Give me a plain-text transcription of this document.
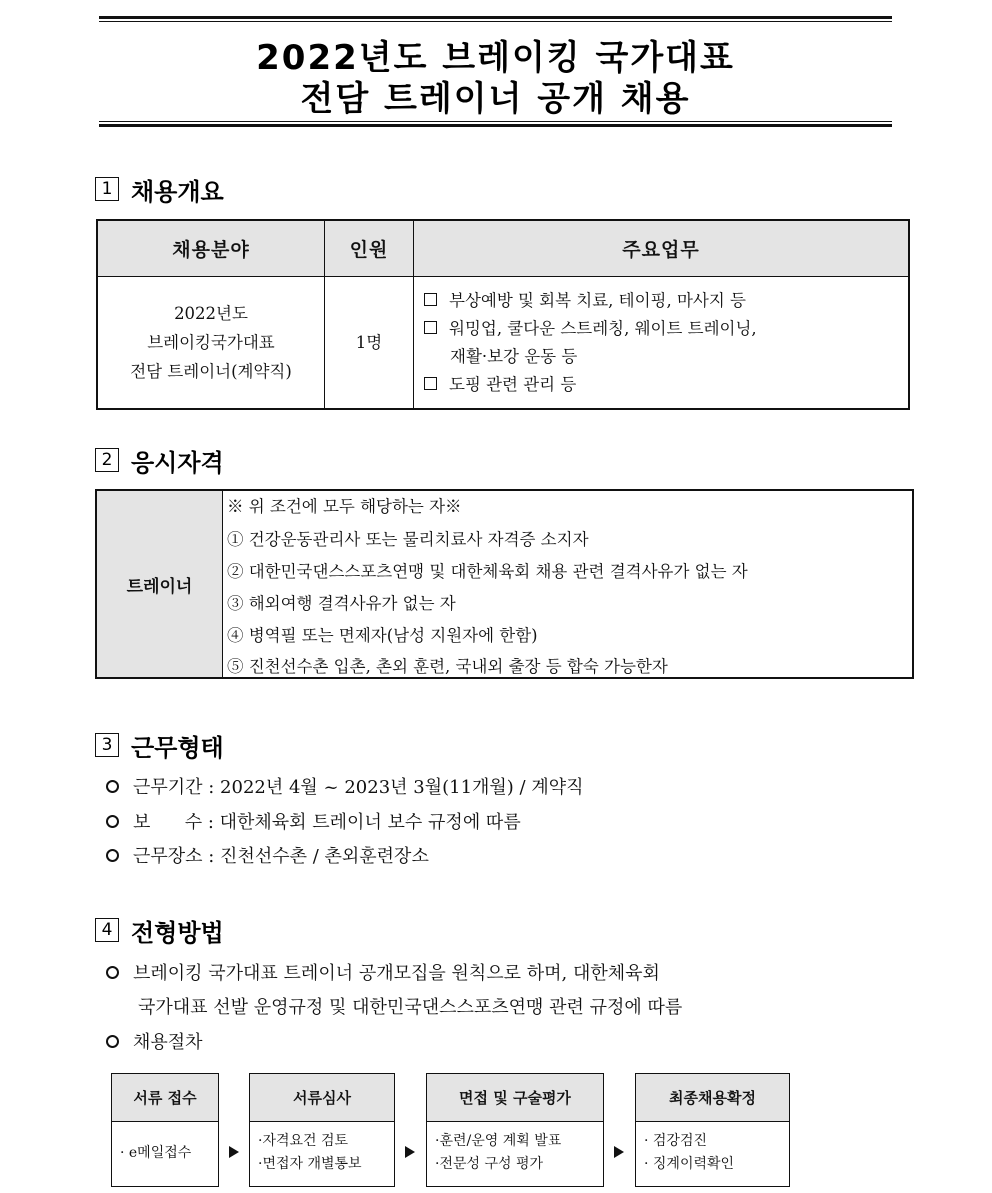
2022년도 브레이킹 국가대표
전담 트레이너 공개 채용
1 채용개요
채용분야	인원	주요업무
2022년도
브레이킹국가대표
전담 트레이너(계약직)
1명
부상예방 및 회복 치료, 테이핑, 마사지 등
워밍업, 쿨다운 스트레칭, 웨이트 트레이닝,
재활·보강 운동 등
도핑 관련 관리 등
2 응시자격
트레이너
※ 위 조건에 모두 해당하는 자※
① 건강운동관리사 또는 물리치료사 자격증 소지자
② 대한민국댄스스포츠연맹 및 대한체육회 채용 관련 결격사유가 없는 자
③ 해외여행 결격사유가 없는 자
④ 병역필 또는 면제자(남성 지원자에 한함)
⑤ 진천선수촌 입촌, 촌외 훈련, 국내외 출장 등 합숙 가능한자
3 근무형태
근무기간 : 2022년 4월 ~ 2023년 3월(11개월) / 계약직
보      수 : 대한체육회 트레이너 보수 규정에 따름
근무장소 : 진천선수촌 / 촌외훈련장소
4 전형방법
브레이킹 국가대표 트레이너 공개모집을 원칙으로 하며, 대한체육회
국가대표 선발 운영규정 및 대한민국댄스스포츠연맹 관련 규정에 따름
채용절차
서류 접수
· e메일접수
서류심사
·자격요건 검토
·면접자 개별통보
면접 및 구술평가
·훈련/운영 계획 발표
·전문성 구성 평가
최종채용확정
· 검강검진
· 징계이력확인
